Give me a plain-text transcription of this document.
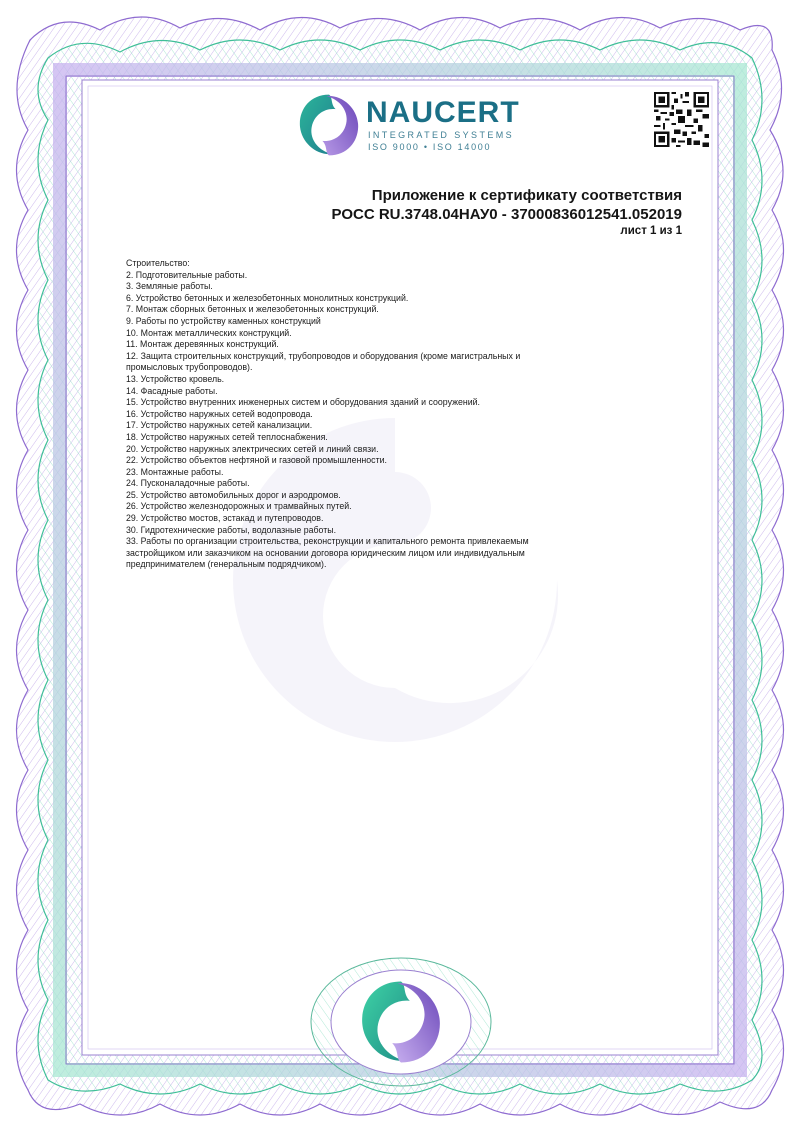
NAUCERT
INTEGRATED SYSTEMS
ISO 9000 • ISO 14000
Приложение к сертификату соответствия
РОСС RU.3748.04НАУ0 - 37000836012541.052019
лист 1 из 1
Строительство:
2. Подготовительные работы.
3. Земляные работы.
6. Устройство бетонных и железобетонных монолитных конструкций.
7. Монтаж сборных бетонных и железобетонных конструкций.
9. Работы по устройству каменных конструкций
10. Монтаж металлических конструкций.
11. Монтаж деревянных конструкций.
12. Защита строительных конструкций, трубопроводов и оборудования (кроме магистральных и
промысловых трубопроводов).
13. Устройство кровель.
14. Фасадные работы.
15. Устройство внутренних инженерных систем и оборудования зданий и сооружений.
16. Устройство наружных сетей водопровода.
17. Устройство наружных сетей канализации.
18. Устройство наружных сетей теплоснабжения.
20. Устройство наружных электрических сетей и линий связи.
22. Устройство объектов нефтяной и газовой промышленности.
23. Монтажные работы.
24. Пусконаладочные работы.
25. Устройство автомобильных дорог и аэродромов.
26. Устройство железнодорожных и трамвайных путей.
29. Устройство мостов, эстакад и путепроводов.
30. Гидротехнические работы, водолазные работы.
33. Работы по организации строительства, реконструкции и капитального ремонта привлекаемым
застройщиком или заказчиком на основании договора юридическим лицом или индивидуальным
предпринимателем (генеральным подрядчиком).
